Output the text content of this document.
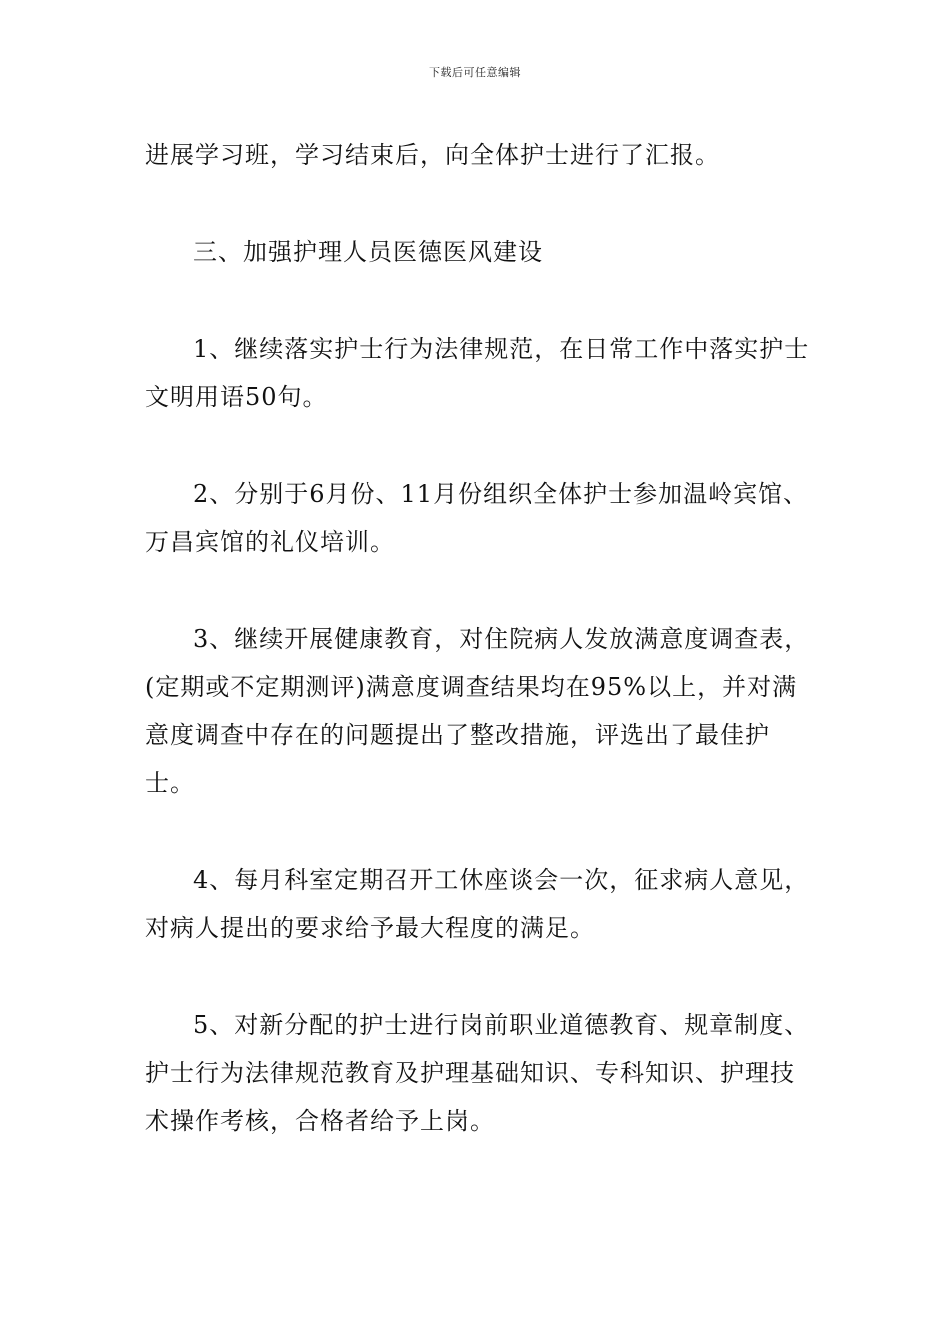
下载后可任意编辑

进展学习班，学习结束后，向全体护士进行了汇报。

三、加强护理人员医德医风建设

1、继续落实护士行为法律规范，在日常工作中落实护士文明用语50句。

2、分别于6月份、11月份组织全体护士参加温岭宾馆、万昌宾馆的礼仪培训。

3、继续开展健康教育，对住院病人发放满意度调查表，(定期或不定期测评)满意度调查结果均在95%以上，并对满意度调查中存在的问题提出了整改措施，评选出了最佳护士。

4、每月科室定期召开工休座谈会一次，征求病人意见，对病人提出的要求给予最大程度的满足。

5、对新分配的护士进行岗前职业道德教育、规章制度、护士行为法律规范教育及护理基础知识、专科知识、护理技术操作考核，合格者给予上岗。
